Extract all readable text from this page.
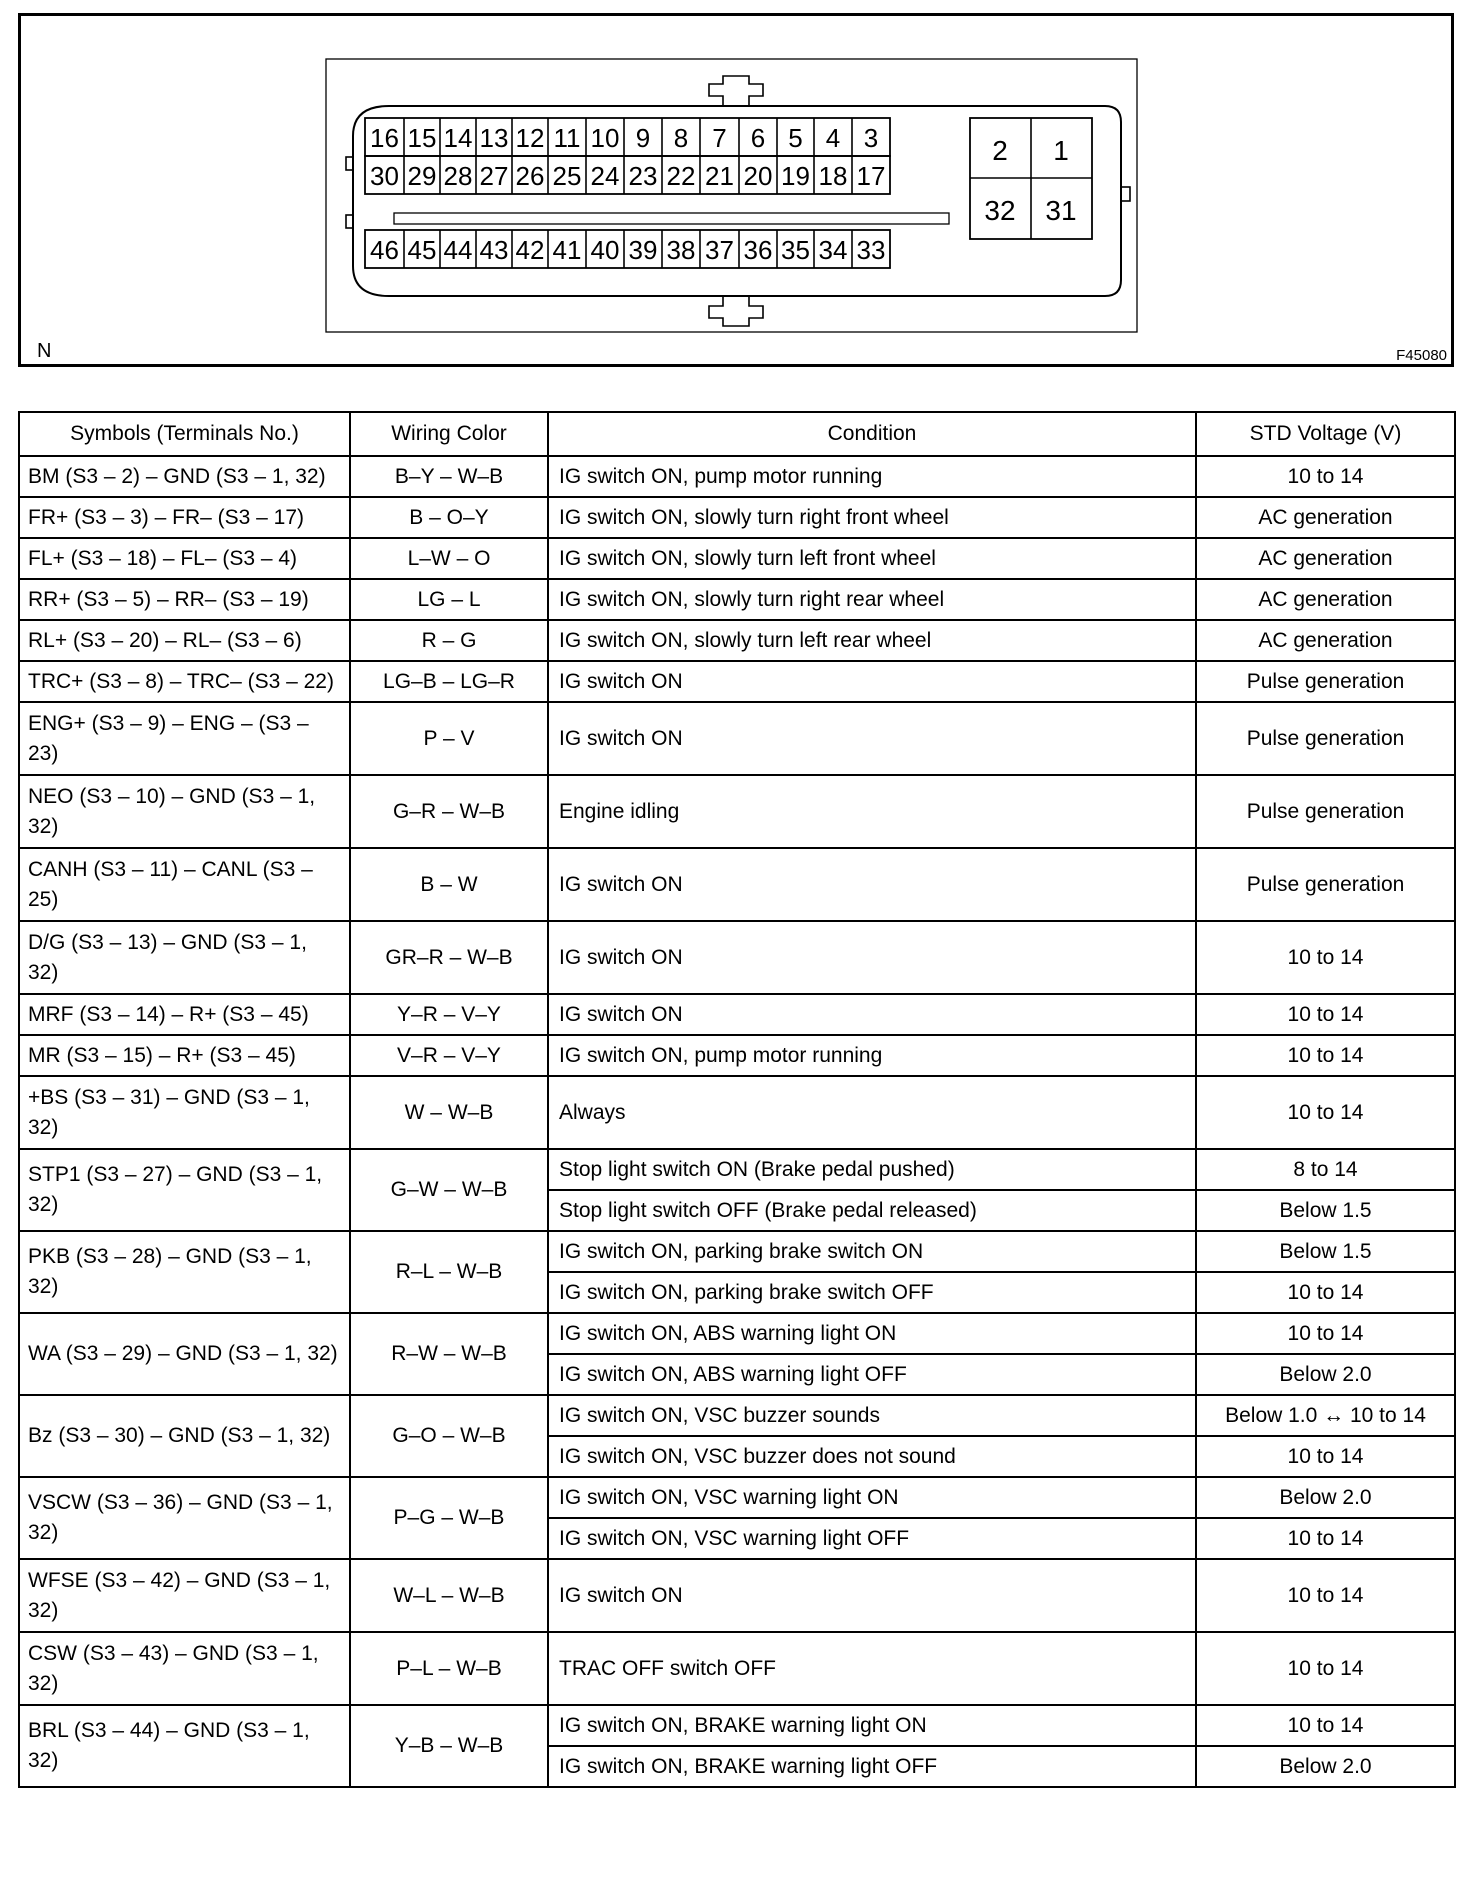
16 15 14 13 12 11 10 9 8 7 6 5 4 3
30 29 28 27 26 25 24 23 22 21 20 19 18 17
46 45 44 43 42 41 40 39 38 37 36 35 34 33
2 1
32 31
N	F45080
Symbols (Terminals No.)	Wiring Color	Condition	STD Voltage (V)
BM (S3 – 2) – GND (S3 – 1, 32)	B–Y – W–B	IG switch ON, pump motor running	10 to 14
FR+ (S3 – 3) – FR– (S3 – 17)	B – O–Y	IG switch ON, slowly turn right front wheel	AC generation
FL+ (S3 – 18) – FL– (S3 – 4)	L–W – O	IG switch ON, slowly turn left front wheel	AC generation
RR+ (S3 – 5) – RR– (S3 – 19)	LG – L	IG switch ON, slowly turn right rear wheel	AC generation
RL+ (S3 – 20) – RL– (S3 – 6)	R – G	IG switch ON, slowly turn left rear wheel	AC generation
TRC+ (S3 – 8) – TRC– (S3 – 22)	LG–B – LG–R	IG switch ON	Pulse generation
ENG+ (S3 – 9) – ENG – (S3 – 23)	P – V	IG switch ON	Pulse generation
NEO (S3 – 10) – GND (S3 – 1, 32)	G–R – W–B	Engine idling	Pulse generation
CANH (S3 – 11) – CANL (S3 – 25)	B – W	IG switch ON	Pulse generation
D/G (S3 – 13) – GND (S3 – 1, 32)	GR–R – W–B	IG switch ON	10 to 14
MRF (S3 – 14) – R+ (S3 – 45)	Y–R – V–Y	IG switch ON	10 to 14
MR (S3 – 15) – R+ (S3 – 45)	V–R – V–Y	IG switch ON, pump motor running	10 to 14
+BS (S3 – 31) – GND (S3 – 1, 32)	W – W–B	Always	10 to 14
STP1 (S3 – 27) – GND (S3 – 1, 32)	G–W – W–B	Stop light switch ON (Brake pedal pushed)	8 to 14
		Stop light switch OFF (Brake pedal released)	Below 1.5
PKB (S3 – 28) – GND (S3 – 1, 32)	R–L – W–B	IG switch ON, parking brake switch ON	Below 1.5
		IG switch ON, parking brake switch OFF	10 to 14
WA (S3 – 29) – GND (S3 – 1, 32)	R–W – W–B	IG switch ON, ABS warning light ON	10 to 14
		IG switch ON, ABS warning light OFF	Below 2.0
Bz (S3 – 30) – GND (S3 – 1, 32)	G–O – W–B	IG switch ON, VSC buzzer sounds	Below 1.0 ↔ 10 to 14
		IG switch ON, VSC buzzer does not sound	10 to 14
VSCW (S3 – 36) – GND (S3 – 1, 32)	P–G – W–B	IG switch ON, VSC warning light ON	Below 2.0
		IG switch ON, VSC warning light OFF	10 to 14
WFSE (S3 – 42) – GND (S3 – 1, 32)	W–L – W–B	IG switch ON	10 to 14
CSW (S3 – 43) – GND (S3 – 1, 32)	P–L – W–B	TRAC OFF switch OFF	10 to 14
BRL (S3 – 44) – GND (S3 – 1, 32)	Y–B – W–B	IG switch ON, BRAKE warning light ON	10 to 14
		IG switch ON, BRAKE warning light OFF	Below 2.0
